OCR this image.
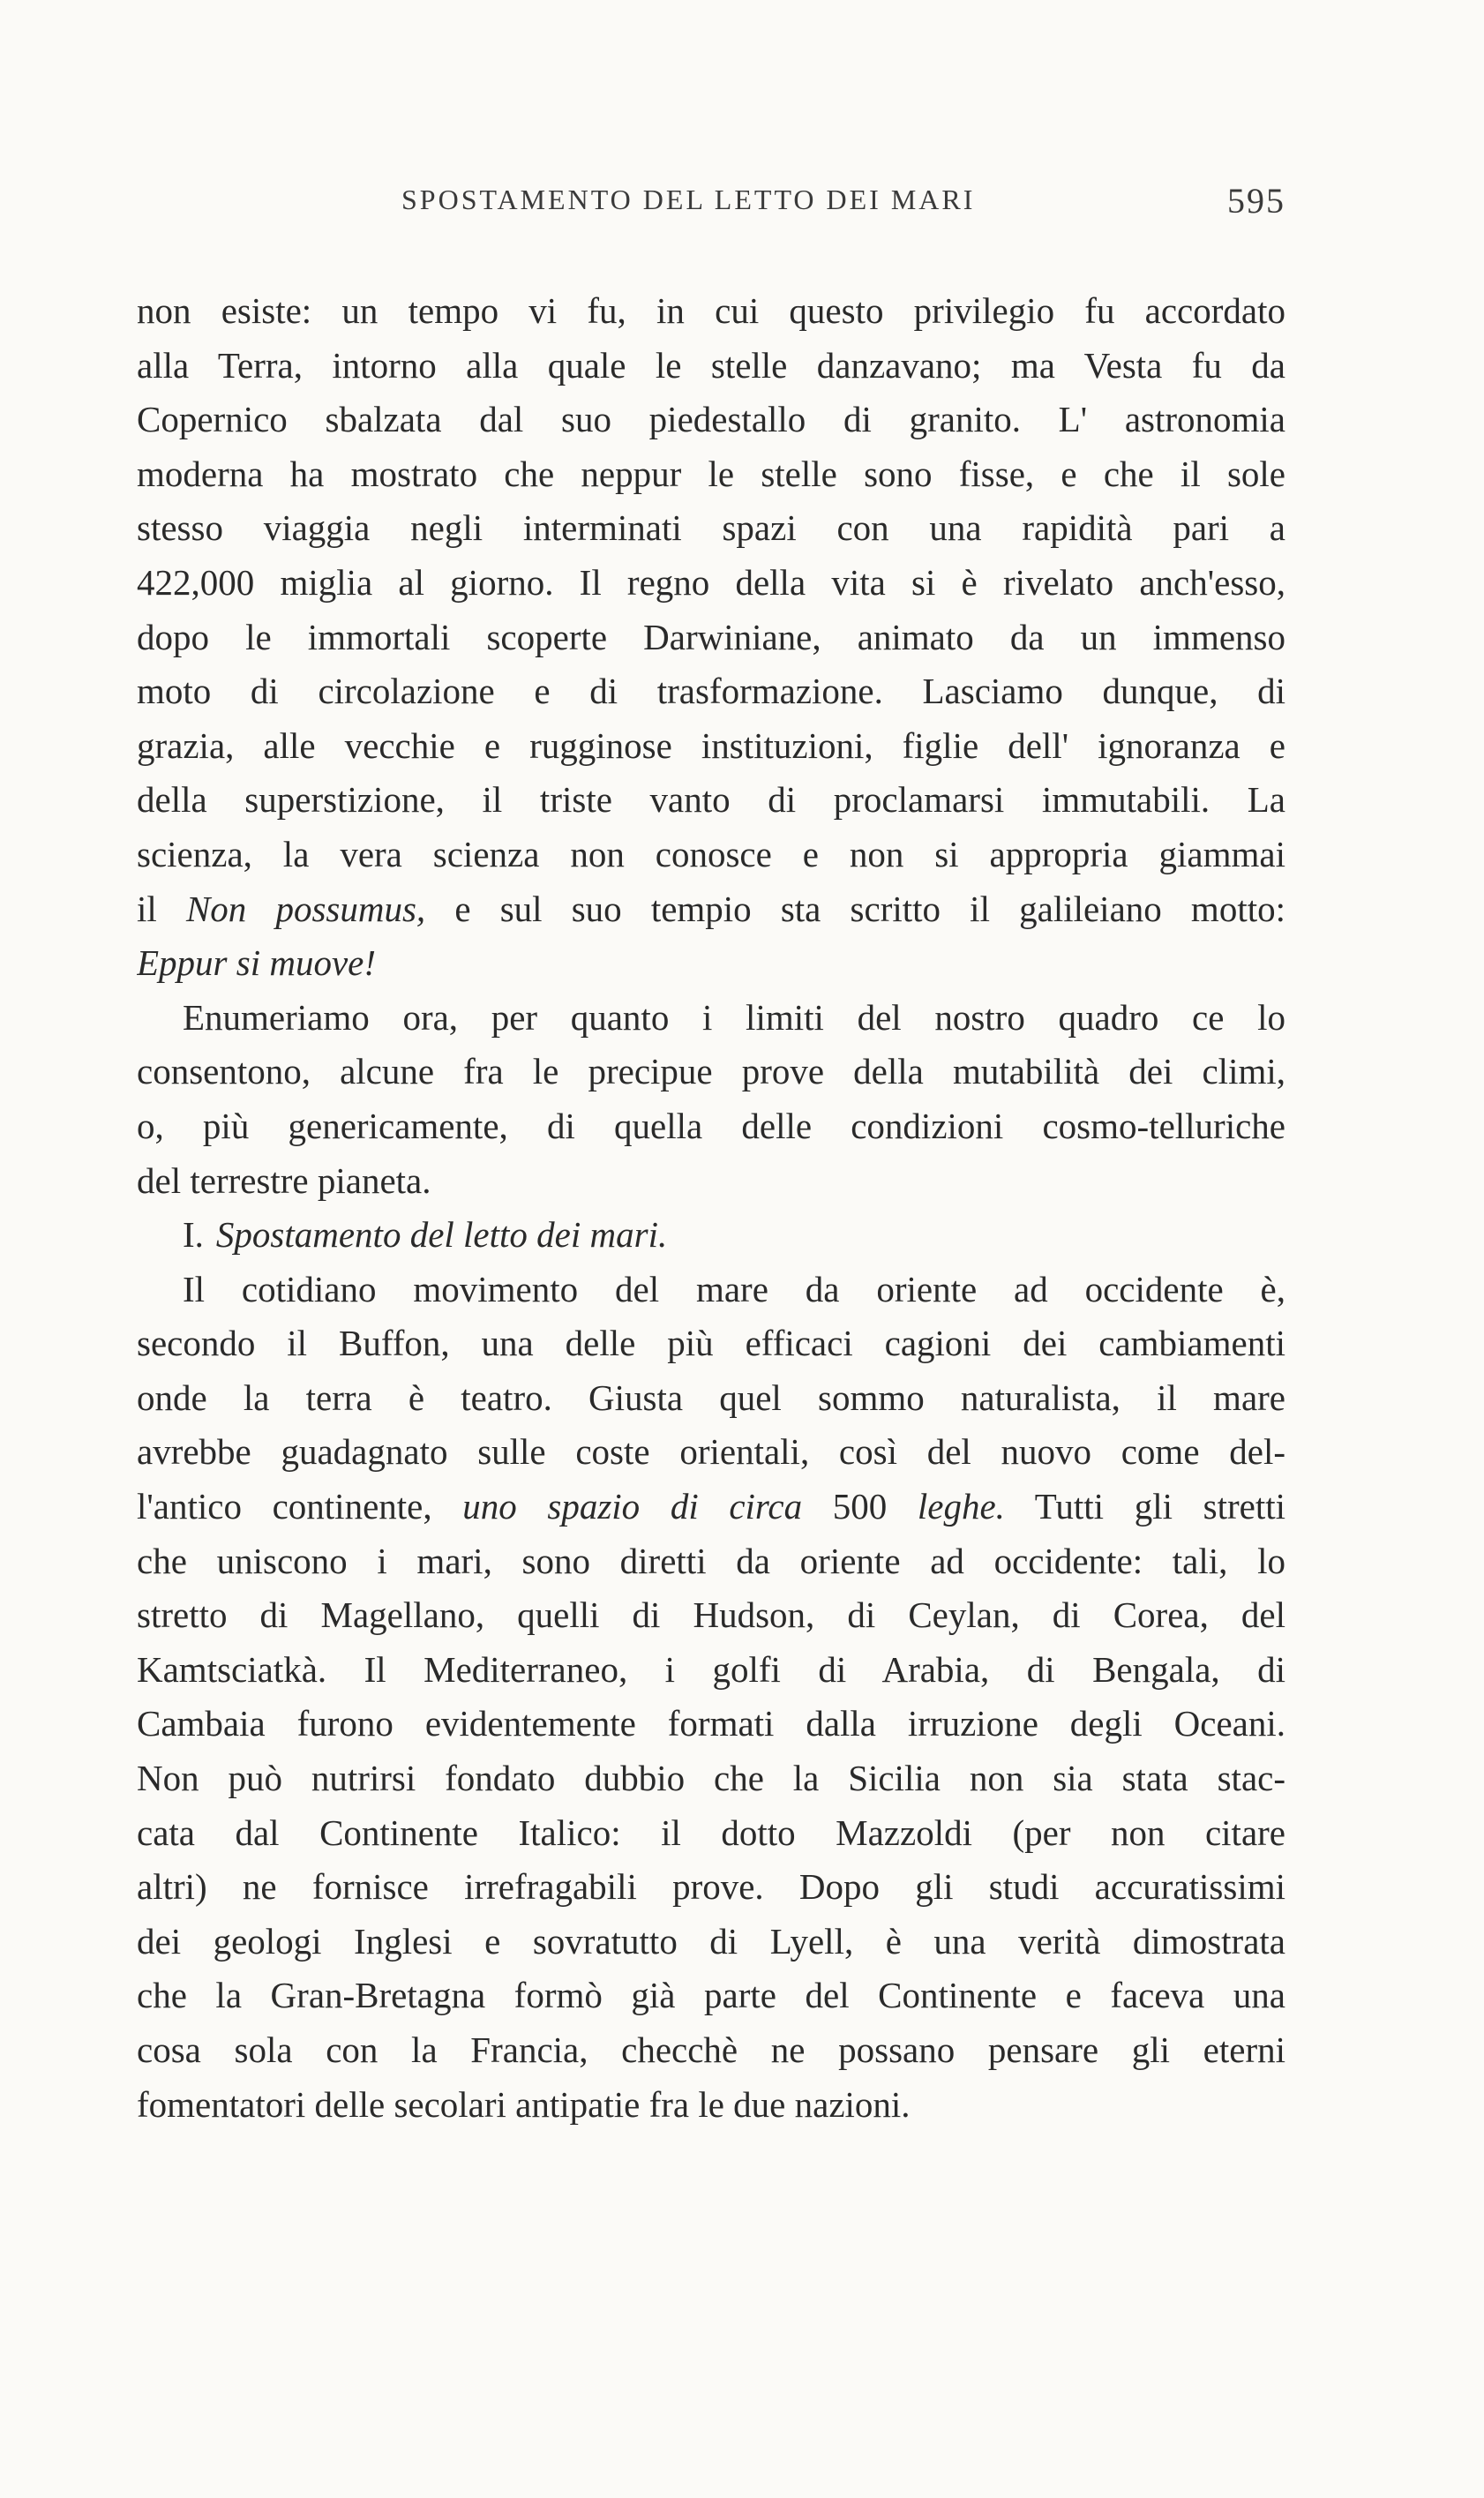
SPOSTAMENTO DEL LETTO DEI MARI	595
non esiste: un tempo vi fu, in cui questo privilegio fu accordato
alla Terra, intorno alla quale le stelle danzavano; ma Vesta fu da
Copernico sbalzata dal suo piedestallo di granito. L' astronomia
moderna ha mostrato che neppur le stelle sono fisse, e che il sole
stesso viaggia negli interminati spazi con una rapidità pari a
422,000 miglia al giorno. Il regno della vita si è rivelato anch'esso,
dopo le immortali scoperte Darwiniane, animato da un immenso
moto di circolazione e di trasformazione. Lasciamo dunque, di
grazia, alle vecchie e rugginose instituzioni, figlie dell' ignoranza e
della superstizione, il triste vanto di proclamarsi immutabili. La
scienza, la vera scienza non conosce e non si appropria giammai
il Non possumus, e sul suo tempio sta scritto il galileiano motto:
Eppur si muove!
Enumeriamo ora, per quanto i limiti del nostro quadro ce lo
consentono, alcune fra le precipue prove della mutabilità dei climi,
o, più genericamente, di quella delle condizioni cosmo-telluriche
del terrestre pianeta.
I. Spostamento del letto dei mari.
Il cotidiano movimento del mare da oriente ad occidente è,
secondo il Buffon, una delle più efficaci cagioni dei cambiamenti
onde la terra è teatro. Giusta quel sommo naturalista, il mare
avrebbe guadagnato sulle coste orientali, così del nuovo come del-
l'antico continente, uno spazio di circa 500 leghe. Tutti gli stretti
che uniscono i mari, sono diretti da oriente ad occidente: tali, lo
stretto di Magellano, quelli di Hudson, di Ceylan, di Corea, del
Kamtsciatkà. Il Mediterraneo, i golfi di Arabia, di Bengala, di
Cambaia furono evidentemente formati dalla irruzione degli Oceani.
Non può nutrirsi fondato dubbio che la Sicilia non sia stata stac-
cata dal Continente Italico: il dotto Mazzoldi (per non citare
altri) ne fornisce irrefragabili prove. Dopo gli studi accuratissimi
dei geologi Inglesi e sovratutto di Lyell, è una verità dimostrata
che la Gran-Bretagna formò già parte del Continente e faceva una
cosa sola con la Francia, checchè ne possano pensare gli eterni
fomentatori delle secolari antipatie fra le due nazioni.
